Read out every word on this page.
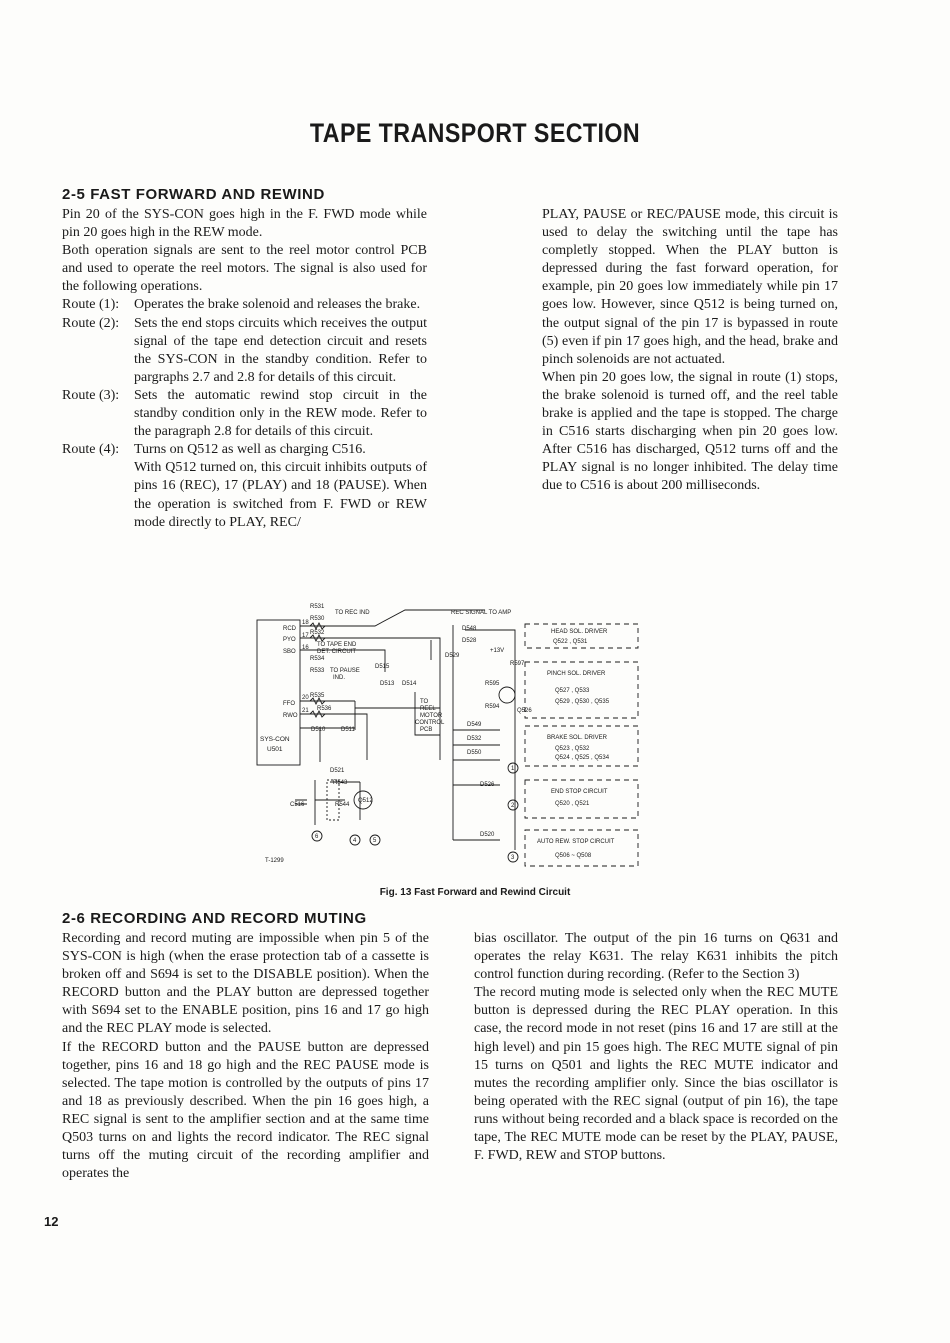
TAPE TRANSPORT SECTION
2-5 FAST FORWARD AND REWIND

Pin 20 of the SYS-CON goes high in the F. FWD mode while pin 20 goes high in the REW mode.

Both operation signals are sent to the reel motor control PCB and used to operate the reel motors. The signal is also used for the following operations.

Route (1):	Operates the brake solenoid and releases the brake.
Route (2):	Sets the end stops circuits which receives the output signal of the tape end detection circuit and resets the SYS-CON in the standby condition. Refer to pargraphs 2.7 and 2.8 for details of this circuit.
Route (3):	Sets the automatic rewind stop circuit in the standby condition only in the REW mode. Refer to the paragraph 2.8 for details of this circuit.
Route (4):	Turns on Q512 as well as charging C516.

With Q512 turned on, this circuit inhibits outputs of pins 16 (REC), 17 (PLAY) and 18 (PAUSE). When the operation is switched from F. FWD or REW mode directly to PLAY, REC/

PLAY, PAUSE or REC/PAUSE mode, this circuit is used to delay the switching until the tape has completly stopped. When the PLAY button is depressed during the fast forward operation, for example, pin 20 goes low immediately while pin 17 goes low. However, since Q512 is being turned on, the output signal of the pin 17 is bypassed in route (5) even if pin 17 goes high, and the head, brake and pinch solenoids are not actuated.

When pin 20 goes low, the signal in route (1) stops, the brake solenoid is turned off, and the reel table brake is applied and the tape is stopped. The charge in C516 starts discharging when pin 20 goes low. After C516 has discharged, Q512 turns off and the PLAY signal is no longer inhibited. The delay time due to C516 is about 200 milliseconds.

SYS-CON
U501
RCD
PYO
SBO
FFO
RWO
18
17
16
20
21
R531
R530
TO REC IND	REC SIGNAL TO AMP
R532
TO TAPE END
DET. CIRCUIT
R534
R533 TO PAUSE
IND.
R535
R536
TO
REEL
MOTOR
CONTROL
PCB
D548
D528
D529
+13V
D515
D513 D514
D510	D511
D521
D549
D532
D550
D526
D520
R595
R594
R597
Q526
R543
R544
C516
Q512
T-1299
1
2
3
4	5
6
HEAD SOL. DRIVER
Q522 , Q531
PINCH SOL. DRIVER
Q527 , Q533
Q529 , Q530 , Q535
BRAKE SOL. DRIVER
Q523 , Q532
Q524 , Q525 , Q534
END STOP CIRCUIT
Q520 , Q521
AUTO REW. STOP CIRCUIT
Q506 ~ Q508
Fig. 13 Fast Forward and Rewind Circuit
2-6 RECORDING AND RECORD MUTING

Recording and record muting are impossible when pin 5 of the SYS-CON is high (when the erase protection tab of a cassette is broken off and S694 is set to the DISABLE position). When the RECORD button and the PLAY button are depressed together with S694 set to the ENABLE position, pins 16 and 17 go high and the REC PLAY mode is selected.

If the RECORD button and the PAUSE button are depressed together, pins 16 and 18 go high and the REC PAUSE mode is selected. The tape motion is controlled by the outputs of pins 17 and 18 as previously described. When the pin 16 goes high, a REC signal is sent to the amplifier section and at the same time Q503 turns on and lights the record indicator. The REC signal turns off the muting circuit of the recording amplifier and operates the

bias oscillator. The output of the pin 16 turns on Q631 and operates the relay K631. The relay K631 inhibits the pitch control function during recording. (Refer to the Section 3)

The record muting mode is selected only when the REC MUTE button is depressed during the REC PLAY operation. In this case, the record mode in not reset (pins 16 and 17 are still at the high level) and pin 15 goes high. The REC MUTE signal of pin 15 turns on Q501 and lights the REC MUTE indicator and mutes the recording amplifier only. Since the bias oscillator is being operated with the REC signal (output of pin 16), the tape runs without being recorded and a black space is recorded on the tape, The REC MUTE mode can be reset by the PLAY, PAUSE, F. FWD, REW and STOP buttons.

12
